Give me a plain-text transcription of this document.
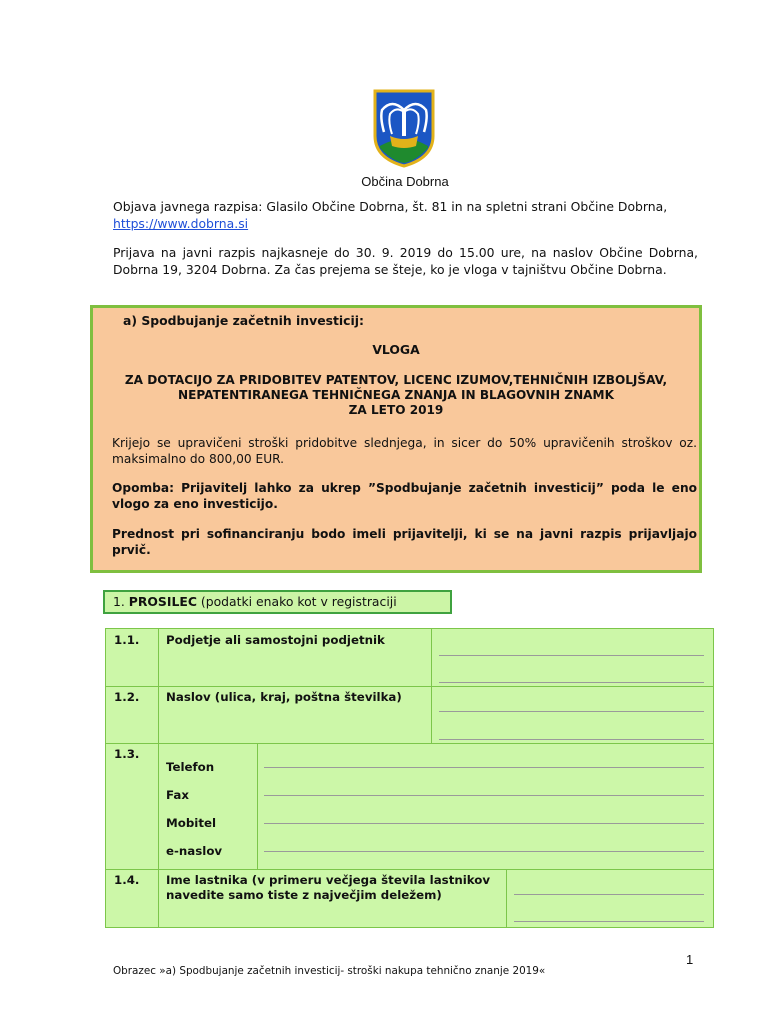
Občina Dobrna
Objava javnega razpisa: Glasilo Občine Dobrna, št. 81 in na spletni strani Občine Dobrna,
https://www.dobrna.si
Prijava na javni razpis najkasneje do 30. 9. 2019 do 15.00 ure, na naslov Občine Dobrna, Dobrna 19, 3204 Dobrna. Za čas prejema se šteje, ko je vloga v tajništvu Občine Dobrna.
a) Spodbujanje začetnih investicij:
VLOGA
ZA DOTACIJO ZA PRIDOBITEV PATENTOV, LICENC IZUMOV,TEHNIČNIH IZBOLJŠAV,
NEPATENTIRANEGA TEHNIČNEGA ZNANJA IN BLAGOVNIH ZNAMK
ZA LETO 2019
Krijejo se upravičeni stroški pridobitve slednjega, in sicer do 50% upravičenih stroškov oz. maksimalno do 800,00 EUR.
Opomba: Prijavitelj lahko za ukrep ”Spodbujanje začetnih investicij” poda le eno vlogo za eno investicijo.
Prednost pri sofinanciranju bodo imeli prijavitelji, ki se na javni razpis prijavljajo prvič.
1. PROSILEC (podatki enako kot v registraciji
1.1. Podjetje ali samostojni podjetnik
1.2. Naslov (ulica, kraj, poštna številka)
1.3.
Telefon
Fax
Mobitel
e-naslov
1.4. Ime lastnika (v primeru večjega števila lastnikov navedite samo tiste z največjim deležem)
1
Obrazec »a) Spodbujanje začetnih investicij- stroški nakupa tehnično znanje 2019«
